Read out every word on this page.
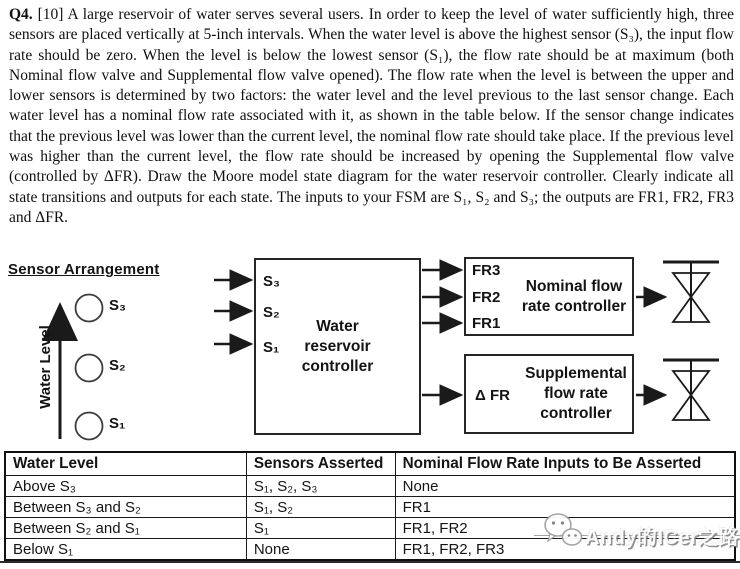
Q4. [10] A large reservoir of water serves several users. In order to keep the level of water sufficiently high, three sensors are placed vertically at 5-inch intervals. When the water level is above the highest sensor (S₃), the input flow rate should be zero. When the level is below the lowest sensor (S₁), the flow rate should be at maximum (both Nominal flow valve and Supplemental flow valve opened). The flow rate when the level is between the upper and lower sensors is determined by two factors: the water level and the level previous to the last sensor change. Each water level has a nominal flow rate associated with it, as shown in the table below. If the sensor change indicates that the previous level was lower than the current level, the nominal flow rate should take place. If the previous level was higher than the current level, the flow rate should be increased by opening the Supplemental flow valve (controlled by ΔFR). Draw the Moore model state diagram for the water reservoir controller. Clearly indicate all state transitions and outputs for each state. The inputs to your FSM are S₁, S₂ and S₃; the outputs are FR1, FR2, FR3 and ΔFR.

Sensor Arrangement
Water Level
S₃
S₂
S₁
S₃
S₂
S₁
Water reservoir controller
FR3
FR2
FR1
Nominal flow rate controller
Δ FR
Supplemental flow rate controller
Water Level	Sensors Asserted	Nominal Flow Rate Inputs to Be Asserted
Above S₃	S₁, S₂, S₃	None
Between S₃ and S₂	S₁, S₂	FR1
Between S₂ and S₁	S₁	FR1, FR2
Below S₁	None	FR1, FR2, FR3	Andy的ICer之路
